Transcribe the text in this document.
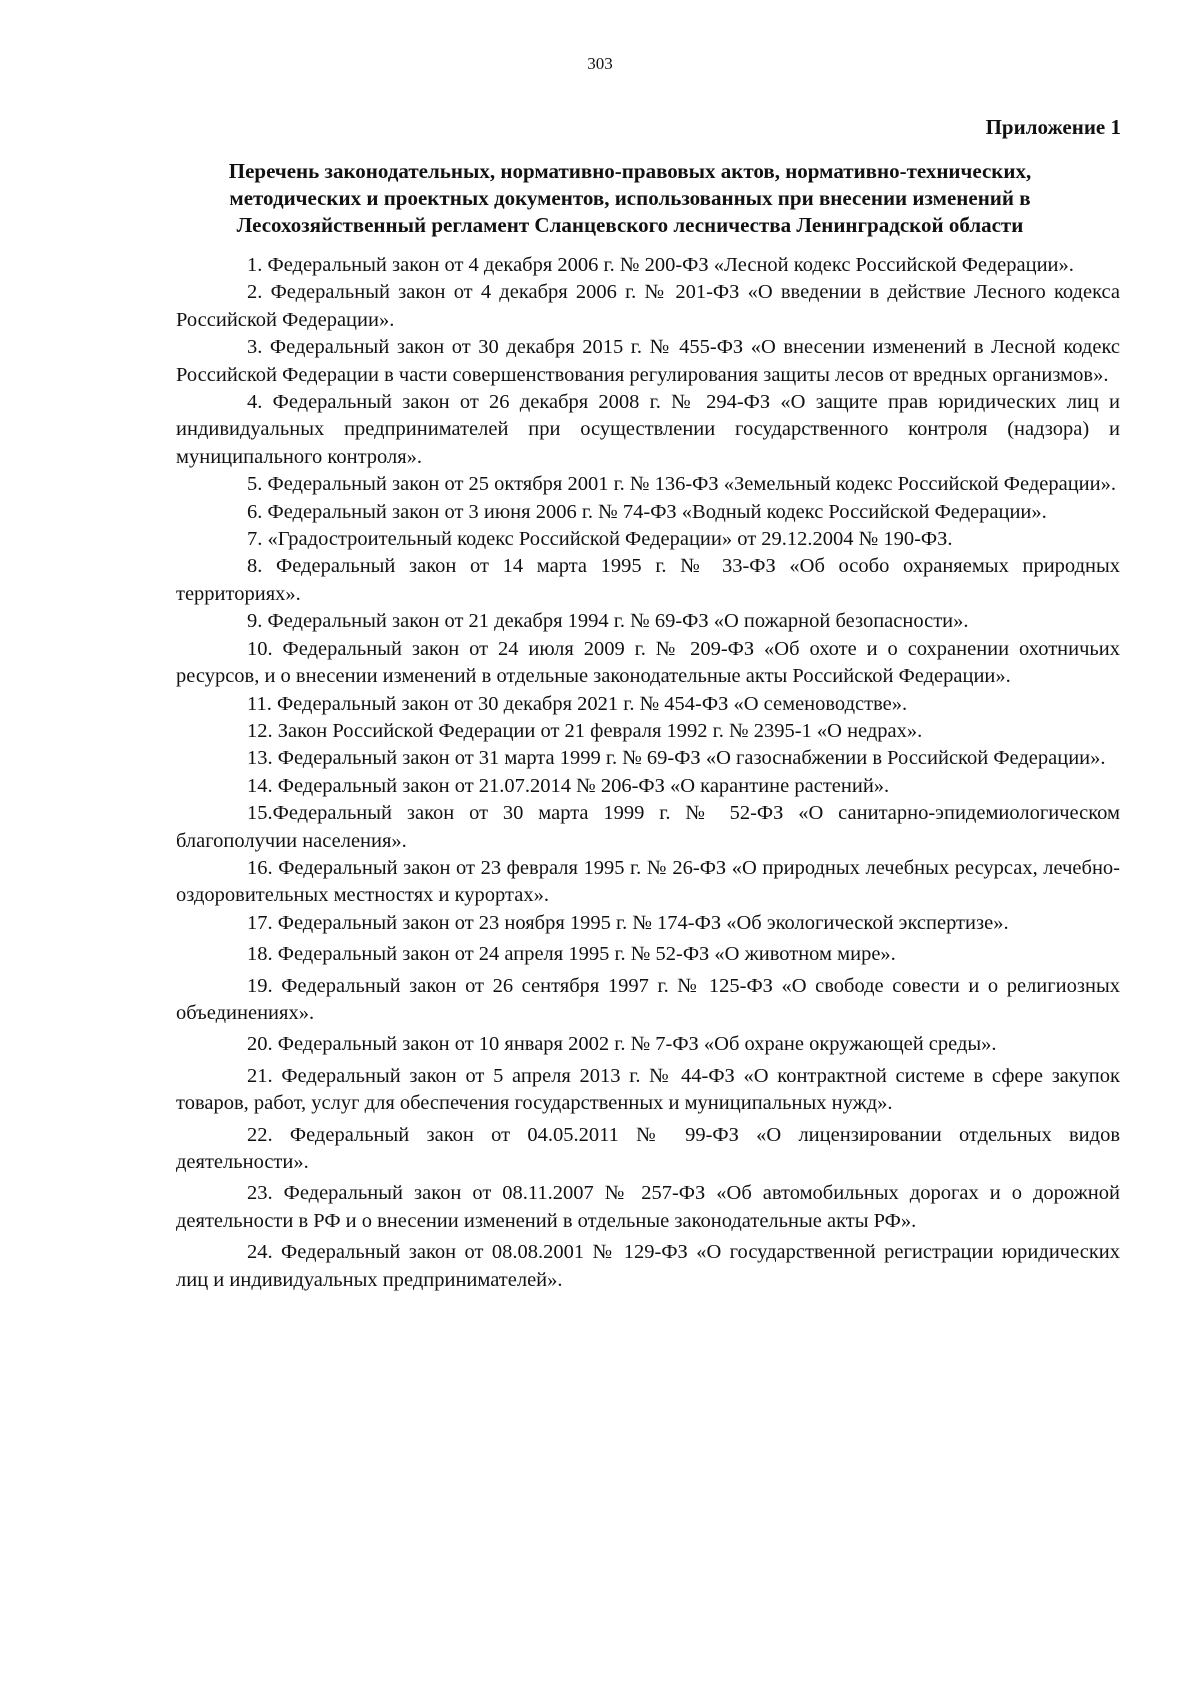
303
Приложение 1
Перечень законодательных, нормативно-правовых актов, нормативно-технических,
методических и проектных документов, использованных при внесении изменений в
Лесохозяйственный регламент Сланцевского лесничества Ленинградской области

1. Федеральный закон от 4 декабря 2006 г. № 200-ФЗ «Лесной кодекс Российской Федерации».

2. Федеральный закон от 4 декабря 2006 г. № 201-ФЗ «О введении в действие Лесного кодекса Российской Федерации».

3. Федеральный закон от 30 декабря 2015 г. № 455-ФЗ «О внесении изменений в Лесной кодекс Российской Федерации в части совершенствования регулирования защиты лесов от вредных организмов».

4. Федеральный закон от 26 декабря 2008 г. № 294-ФЗ «О защите прав юридических лиц и индивидуальных предпринимателей при осуществлении государственного контроля (надзора) и муниципального контроля».

5. Федеральный закон от 25 октября 2001 г. № 136-ФЗ «Земельный кодекс Российской Федерации».

6. Федеральный закон от 3 июня 2006 г. № 74-ФЗ «Водный кодекс Российской Федерации».

7. «Градостроительный кодекс Российской Федерации» от 29.12.2004 № 190-ФЗ.

8. Федеральный закон от 14 марта 1995 г. № 33-ФЗ «Об особо охраняемых природных территориях».

9. Федеральный закон от 21 декабря 1994 г. № 69-ФЗ «О пожарной безопасности».

10. Федеральный закон от 24 июля 2009 г. № 209-ФЗ «Об охоте и о сохранении охотничьих ресурсов, и о внесении изменений в отдельные законодательные акты Российской Федерации».

11. Федеральный закон от 30 декабря 2021 г. № 454-ФЗ «О семеноводстве».

12. Закон Российской Федерации от 21 февраля 1992 г. № 2395-1 «О недрах».

13. Федеральный закон от 31 марта 1999 г. № 69-ФЗ «О газоснабжении в Российской Федерации».

14. Федеральный закон от 21.07.2014 № 206-ФЗ «О карантине растений».

15.Федеральный закон от 30 марта 1999 г. № 52-ФЗ «О санитарно-эпидемиологическом благополучии населения».

16. Федеральный закон от 23 февраля 1995 г. № 26-ФЗ «О природных лечебных ресурсах, лечебно-оздоровительных местностях и курортах».

17. Федеральный закон от 23 ноября 1995 г. № 174-ФЗ «Об экологической экспертизе».

18. Федеральный закон от 24 апреля 1995 г. № 52-ФЗ «О животном мире».

19. Федеральный закон от 26 сентября 1997 г. № 125-ФЗ «О свободе совести и о религиозных объединениях».

20. Федеральный закон от 10 января 2002 г. № 7-ФЗ «Об охране окружающей среды».

21. Федеральный закон от 5 апреля 2013 г. № 44-ФЗ «О контрактной системе в сфере закупок товаров, работ, услуг для обеспечения государственных и муниципальных нужд».

22. Федеральный закон от 04.05.2011 № 99-ФЗ «О лицензировании отдельных видов деятельности».

23. Федеральный закон от 08.11.2007 № 257-ФЗ «Об автомобильных дорогах и о дорожной деятельности в РФ и о внесении изменений в отдельные законодательные акты РФ».

24. Федеральный закон от 08.08.2001 № 129-ФЗ «О государственной регистрации юридических лиц и индивидуальных предпринимателей».
